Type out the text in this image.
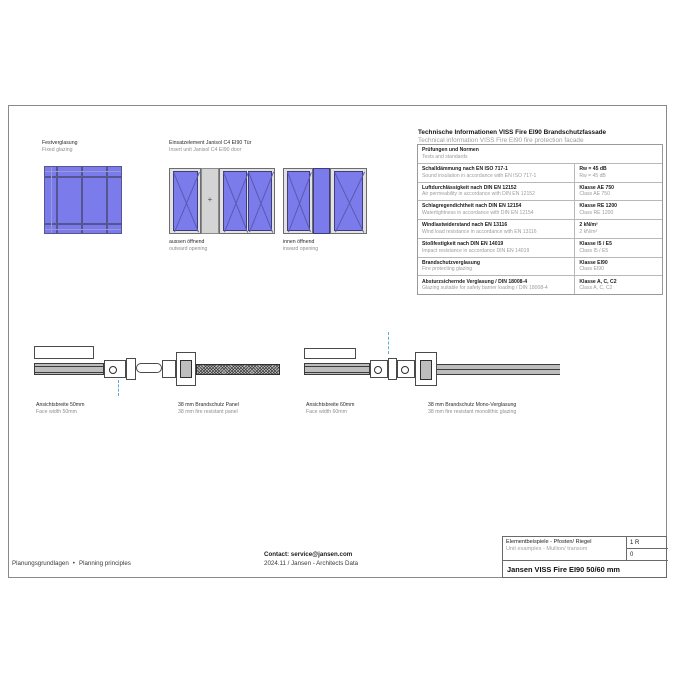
Festverglasung
Fixed glazing
Einsatzelement Janisol C4 EI90 Tür
Insert unit Janisol C4 EI90 door
+
aussen öffnend
outward opening
innen öffnend
inward opening
Technische Informationen VISS Fire EI90 Brandschutzfassade
Technical information VISS Fire EI90 fire protection facade
Prüfungen und Normen
Tests and standards
Schalldämmung nach EN ISO 717-1
Sound insulation in accordance with EN ISO 717-1
Rw = 45 dB
Rw = 45 dB
Luftdurchlässigkeit nach DIN EN 12152
Air permeability in accordance with DIN EN 12152
Klasse AE 750
Class AE 750
Schlagregendichtheit nach DIN EN 12154
Watertightness in accordance with DIN EN 12154
Klasse RE 1200
Class RE 1200
Windlastwiderstand nach EN 13116
Wind load resistance in accordance with EN 13116
2 kN/m²
2 kN/m²
Stoßfestigkeit nach DIN EN 14019
Impact resistance in accordance DIN EN 14019
Klasse I5 / E5
Class I5 / E5
Brandschutzverglasung
Fire protecting glazing
Klasse EI90
Class EI90
Absturzsichernde Verglasung / DIN 18008-4
Glazing suitable for safety barrier loading / DIN 18008-4
Klasse A, C, C2
Class A, C, C2
Ansichtsbreite 50mm
Face width 50mm
38 mm Brandschutz Panel
38 mm fire resistant panel
Ansichtsbreite 60mm
Face width 60mm
38 mm Brandschutz Mono-Verglasung
38 mm fire resistant monolithic glazing
Elementbeispiele - Pfosten/ Riegel
Unit examples - Mullion/ transom
1 R
0
Jansen VISS Fire EI90 50/60 mm
Planungsgrundlagen • Planning principles
Contact: service@jansen.com
2024.11 / Jansen - Architects Data
